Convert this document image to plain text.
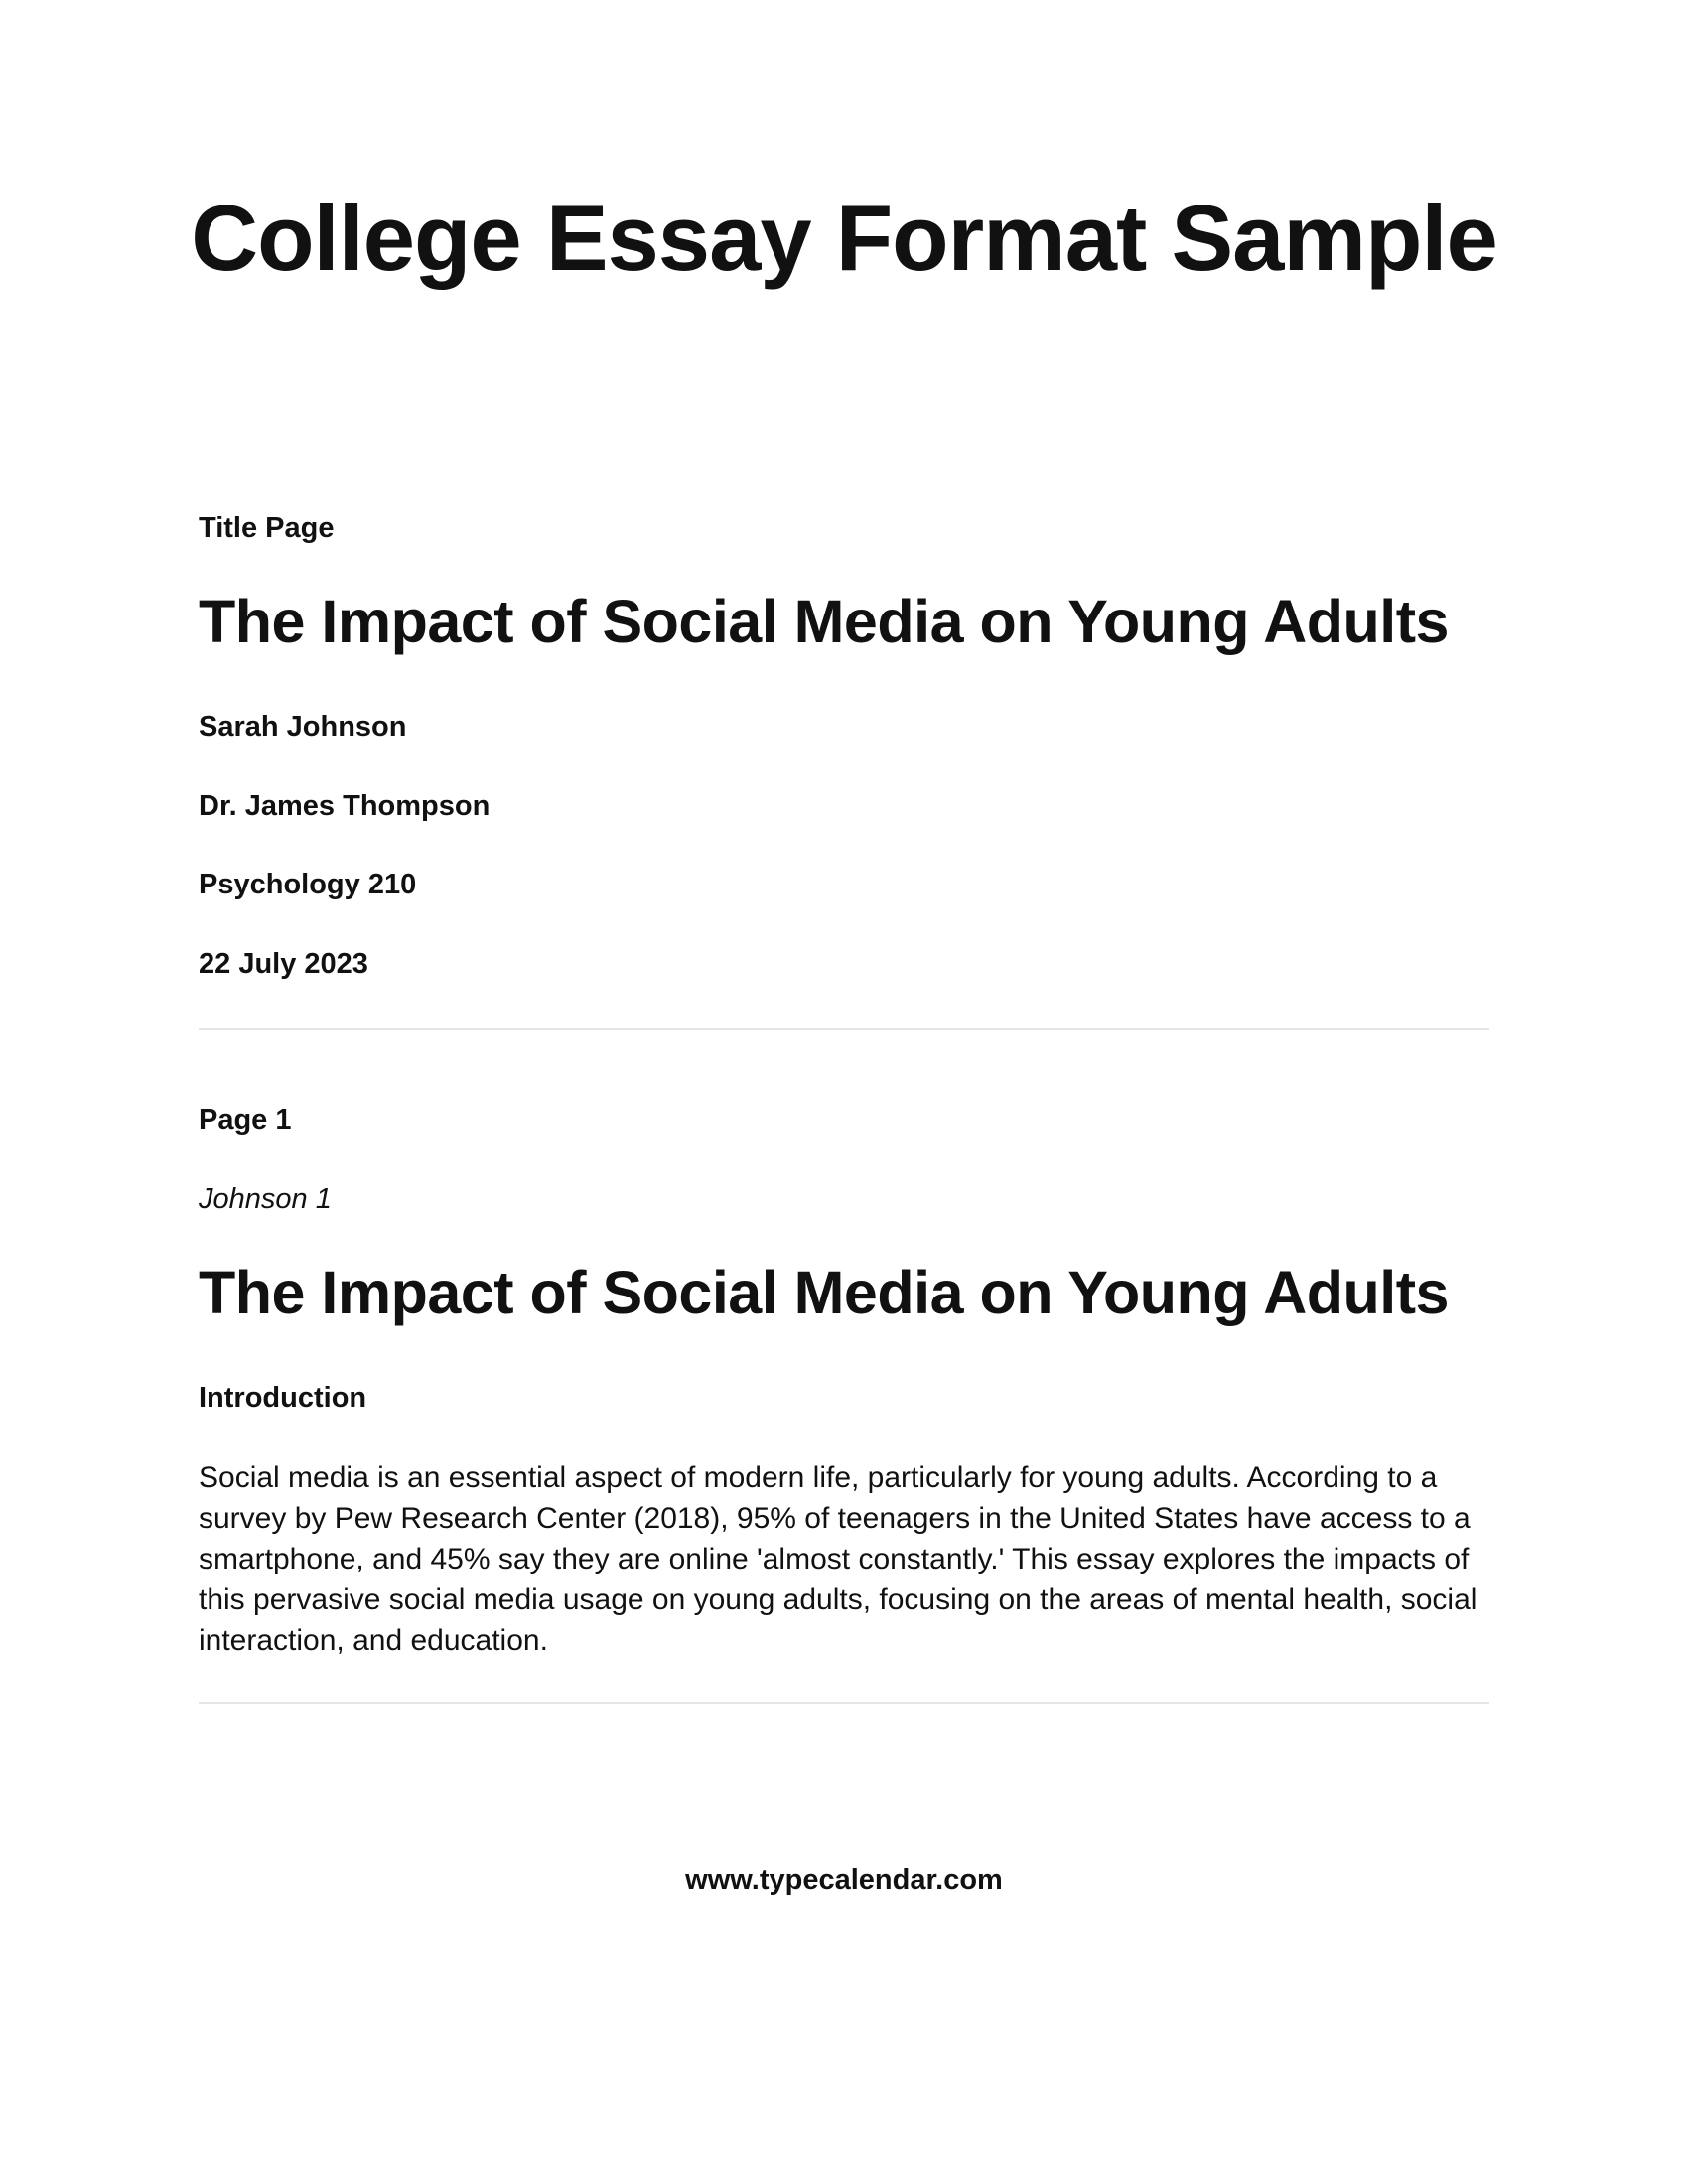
College Essay Format Sample

Title Page

The Impact of Social Media on Young Adults

Sarah Johnson

Dr. James Thompson

Psychology 210

22 July 2023

Page 1

Johnson 1

The Impact of Social Media on Young Adults

Introduction

Social media is an essential aspect of modern life, particularly for young adults. According to a survey by Pew Research Center (2018), 95% of teenagers in the United States have access to a smartphone, and 45% say they are online 'almost constantly.' This essay explores the impacts of this pervasive social media usage on young adults, focusing on the areas of mental health, social interaction, and education.

www.typecalendar.com
